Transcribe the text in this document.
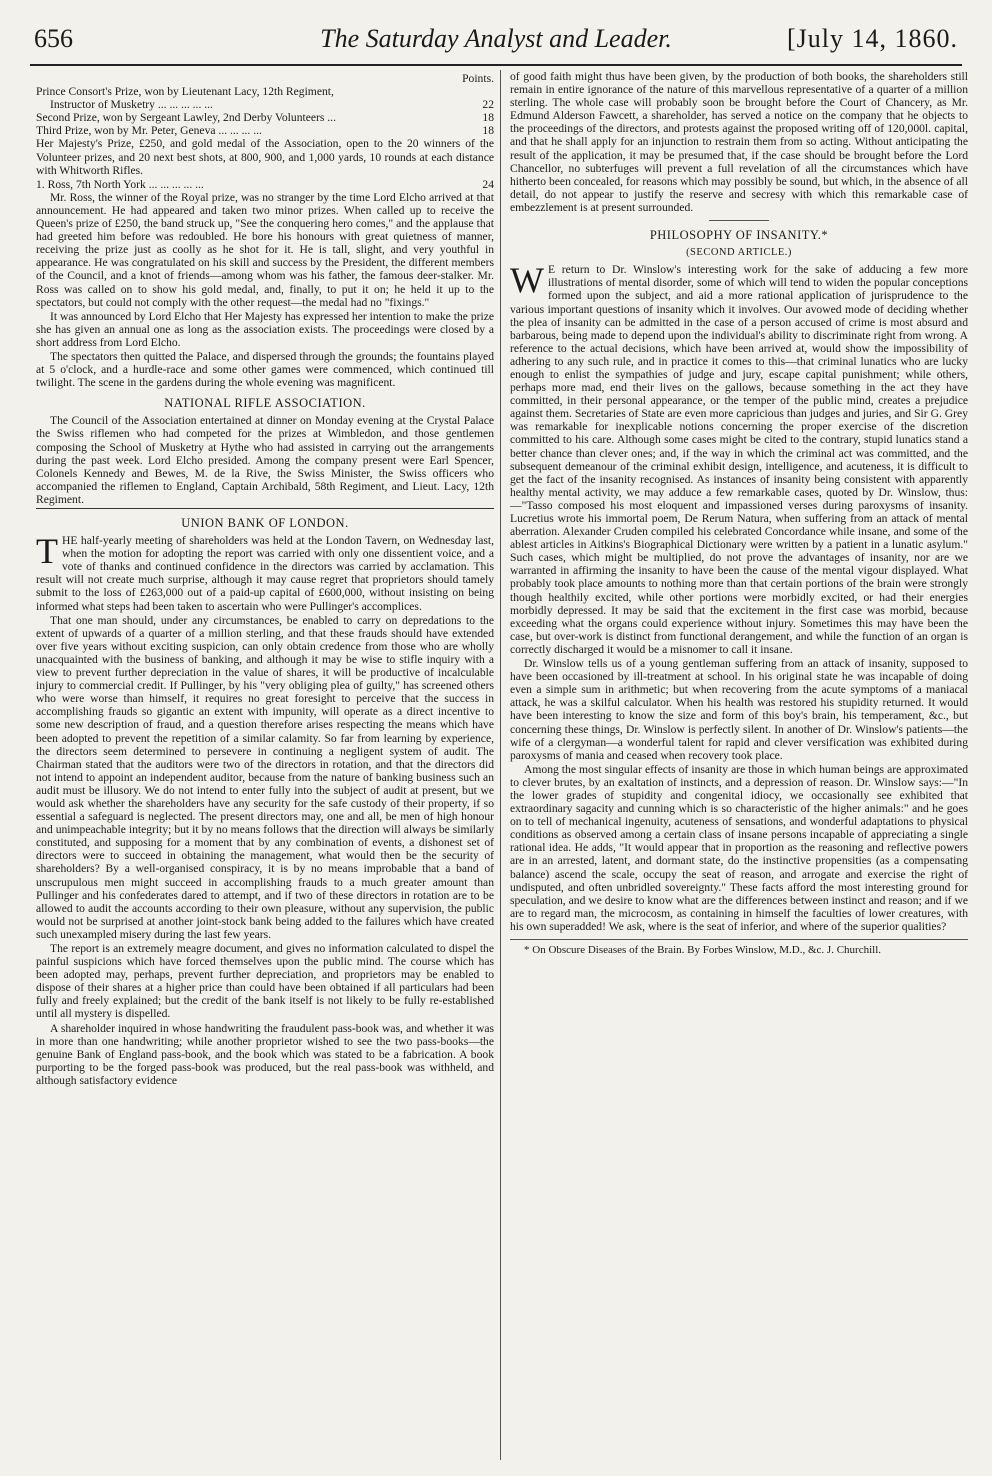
656	The Saturday Analyst and Leader.	[July 14, 1860.
Points.
Prince Consort's Prize, won by Lieutenant Lacy, 12th Regiment,
Instructor of Musketry ... ... ... ... ...	22
Second Prize, won by Sergeant Lawley, 2nd Derby Volunteers ...	18
Third Prize, won by Mr. Peter, Geneva ... ... ... ...	18

Her Majesty's Prize, £250, and gold medal of the Association, open to the 20 winners of the Volunteer prizes, and 20 next best shots, at 800, 900, and 1,000 yards, 10 rounds at each distance with Whitworth Rifles.

1. Ross, 7th North York ... ... ... ... ...	24

Mr. Ross, the winner of the Royal prize, was no stranger by the time Lord Elcho arrived at that announcement. He had appeared and taken two minor prizes. When called up to receive the Queen's prize of £250, the band struck up, "See the conquering hero comes," and the applause that had greeted him before was redoubled. He bore his honours with great quietness of manner, receiving the prize just as coolly as he shot for it. He is tall, slight, and very youthful in appearance. He was congratulated on his skill and success by the President, the different members of the Council, and a knot of friends—among whom was his father, the famous deer-stalker. Mr. Ross was called on to show his gold medal, and, finally, to put it on; he held it up to the spectators, but could not comply with the other request—the medal had no "fixings."

It was announced by Lord Elcho that Her Majesty has expressed her intention to make the prize she has given an annual one as long as the association exists. The proceedings were closed by a short address from Lord Elcho.

The spectators then quitted the Palace, and dispersed through the grounds; the fountains played at 5 o'clock, and a hurdle-race and some other games were commenced, which continued till twilight. The scene in the gardens during the whole evening was magnificent.

NATIONAL RIFLE ASSOCIATION.

The Council of the Association entertained at dinner on Monday evening at the Crystal Palace the Swiss riflemen who had competed for the prizes at Wimbledon, and those gentlemen composing the School of Musketry at Hythe who had assisted in carrying out the arrangements during the past week. Lord Elcho presided. Among the company present were Earl Spencer, Colonels Kennedy and Bewes, M. de la Rive, the Swiss Minister, the Swiss officers who accompanied the riflemen to England, Captain Archibald, 58th Regiment, and Lieut. Lacy, 12th Regiment.

UNION BANK OF LONDON.

THE half-yearly meeting of shareholders was held at the London Tavern, on Wednesday last, when the motion for adopting the report was carried with only one dissentient voice, and a vote of thanks and continued confidence in the directors was carried by acclamation. This result will not create much surprise, although it may cause regret that proprietors should tamely submit to the loss of £263,000 out of a paid-up capital of £600,000, without insisting on being informed what steps had been taken to ascertain who were Pullinger's accomplices.

That one man should, under any circumstances, be enabled to carry on depredations to the extent of upwards of a quarter of a million sterling, and that these frauds should have extended over five years without exciting suspicion, can only obtain credence from those who are wholly unacquainted with the business of banking, and although it may be wise to stifle inquiry with a view to prevent further depreciation in the value of shares, it will be productive of incalculable injury to commercial credit. If Pullinger, by his "very obliging plea of guilty," has screened others who were worse than himself, it requires no great foresight to perceive that the success in accomplishing frauds so gigantic an extent with impunity, will operate as a direct incentive to some new description of fraud, and a question therefore arises respecting the means which have been adopted to prevent the repetition of a similar calamity. So far from learning by experience, the directors seem determined to persevere in continuing a negligent system of audit. The Chairman stated that the auditors were two of the directors in rotation, and that the directors did not intend to appoint an independent auditor, because from the nature of banking business such an audit must be illusory. We do not intend to enter fully into the subject of audit at present, but we would ask whether the shareholders have any security for the safe custody of their property, if so essential a safeguard is neglected. The present directors may, one and all, be men of high honour and unimpeachable integrity; but it by no means follows that the direction will always be similarly constituted, and supposing for a moment that by any combination of events, a dishonest set of directors were to succeed in obtaining the management, what would then be the security of shareholders? By a well-organised conspiracy, it is by no means improbable that a band of unscrupulous men might succeed in accomplishing frauds to a much greater amount than Pullinger and his confederates dared to attempt, and if two of these directors in rotation are to be allowed to audit the accounts according to their own pleasure, without any supervision, the public would not be surprised at another joint-stock bank being added to the failures which have created such unexampled misery during the last few years.

The report is an extremely meagre document, and gives no information calculated to dispel the painful suspicions which have forced themselves upon the public mind. The course which has been adopted may, perhaps, prevent further depreciation, and proprietors may be enabled to dispose of their shares at a higher price than could have been obtained if all particulars had been fully and freely explained; but the credit of the bank itself is not likely to be fully re-established until all mystery is dispelled.

A shareholder inquired in whose handwriting the fraudulent pass-book was, and whether it was in more than one handwriting; while another proprietor wished to see the two pass-books—the genuine Bank of England pass-book, and the book which was stated to be a fabrication. A book purporting to be the forged pass-book was produced, but the real pass-book was withheld, and although satisfactory evidence

of good faith might thus have been given, by the production of both books, the shareholders still remain in entire ignorance of the nature of this marvellous representative of a quarter of a million sterling. The whole case will probably soon be brought before the Court of Chancery, as Mr. Edmund Alderson Fawcett, a shareholder, has served a notice on the company that he objects to the proceedings of the directors, and protests against the proposed writing off of 120,000l. capital, and that he shall apply for an injunction to restrain them from so acting. Without anticipating the result of the application, it may be presumed that, if the case should be brought before the Lord Chancellor, no subterfuges will prevent a full revelation of all the circumstances which have hitherto been concealed, for reasons which may possibly be sound, but which, in the absence of all detail, do not appear to justify the reserve and secresy with which this remarkable case of embezzlement is at present surrounded.

PHILOSOPHY OF INSANITY.*
(SECOND ARTICLE.)

W E return to Dr. Winslow's interesting work for the sake of adducing a few more illustrations of mental disorder, some of which will tend to widen the popular conceptions formed upon the subject, and aid a more rational application of jurisprudence to the various important questions of insanity which it involves. Our avowed mode of deciding whether the plea of insanity can be admitted in the case of a person accused of crime is most absurd and barbarous, being made to depend upon the individual's ability to discriminate right from wrong. A reference to the actual decisions, which have been arrived at, would show the impossibility of adhering to any such rule, and in practice it comes to this—that criminal lunatics who are lucky enough to enlist the sympathies of judge and jury, escape capital punishment; while others, perhaps more mad, end their lives on the gallows, because something in the act they have committed, in their personal appearance, or the temper of the public mind, creates a prejudice against them. Secretaries of State are even more capricious than judges and juries, and Sir G. Grey was remarkable for inexplicable notions concerning the proper exercise of the discretion committed to his care. Although some cases might be cited to the contrary, stupid lunatics stand a better chance than clever ones; and, if the way in which the criminal act was committed, and the subsequent demeanour of the criminal exhibit design, intelligence, and acuteness, it is difficult to get the fact of the insanity recognised. As instances of insanity being consistent with apparently healthy mental activity, we may adduce a few remarkable cases, quoted by Dr. Winslow, thus:—"Tasso composed his most eloquent and impassioned verses during paroxysms of insanity. Lucretius wrote his immortal poem, De Rerum Natura, when suffering from an attack of mental aberration. Alexander Cruden compiled his celebrated Concordance while insane, and some of the ablest articles in Aitkins's Biographical Dictionary were written by a patient in a lunatic asylum." Such cases, which might be multiplied, do not prove the advantages of insanity, nor are we warranted in affirming the insanity to have been the cause of the mental vigour displayed. What probably took place amounts to nothing more than that certain portions of the brain were strongly though healthily excited, while other portions were morbidly excited, or had their energies morbidly depressed. It may be said that the excitement in the first case was morbid, because exceeding what the organs could experience without injury. Sometimes this may have been the case, but over-work is distinct from functional derangement, and while the function of an organ is correctly discharged it would be a misnomer to call it insane.

Dr. Winslow tells us of a young gentleman suffering from an attack of insanity, supposed to have been occasioned by ill-treatment at school. In his original state he was incapable of doing even a simple sum in arithmetic; but when recovering from the acute symptoms of a maniacal attack, he was a skilful calculator. When his health was restored his stupidity returned. It would have been interesting to know the size and form of this boy's brain, his temperament, &c., but concerning these things, Dr. Winslow is perfectly silent. In another of Dr. Winslow's patients—the wife of a clergyman—a wonderful talent for rapid and clever versification was exhibited during paroxysms of mania and ceased when recovery took place.

Among the most singular effects of insanity are those in which human beings are approximated to clever brutes, by an exaltation of instincts, and a depression of reason. Dr. Winslow says:—"In the lower grades of stupidity and congenital idiocy, we occasionally see exhibited that extraordinary sagacity and cunning which is so characteristic of the higher animals:" and he goes on to tell of mechanical ingenuity, acuteness of sensations, and wonderful adaptations to physical conditions as observed among a certain class of insane persons incapable of appreciating a single rational idea. He adds, "It would appear that in proportion as the reasoning and reflective powers are in an arrested, latent, and dormant state, do the instinctive propensities (as a compensating balance) ascend the scale, occupy the seat of reason, and arrogate and exercise the right of undisputed, and often unbridled sovereignty." These facts afford the most interesting ground for speculation, and we desire to know what are the differences between instinct and reason; and if we are to regard man, the microcosm, as containing in himself the faculties of lower creatures, with his own superadded! We ask, where is the seat of inferior, and where of the superior qualities?

* On Obscure Diseases of the Brain. By Forbes Winslow, M.D., &c. J. Churchill.
